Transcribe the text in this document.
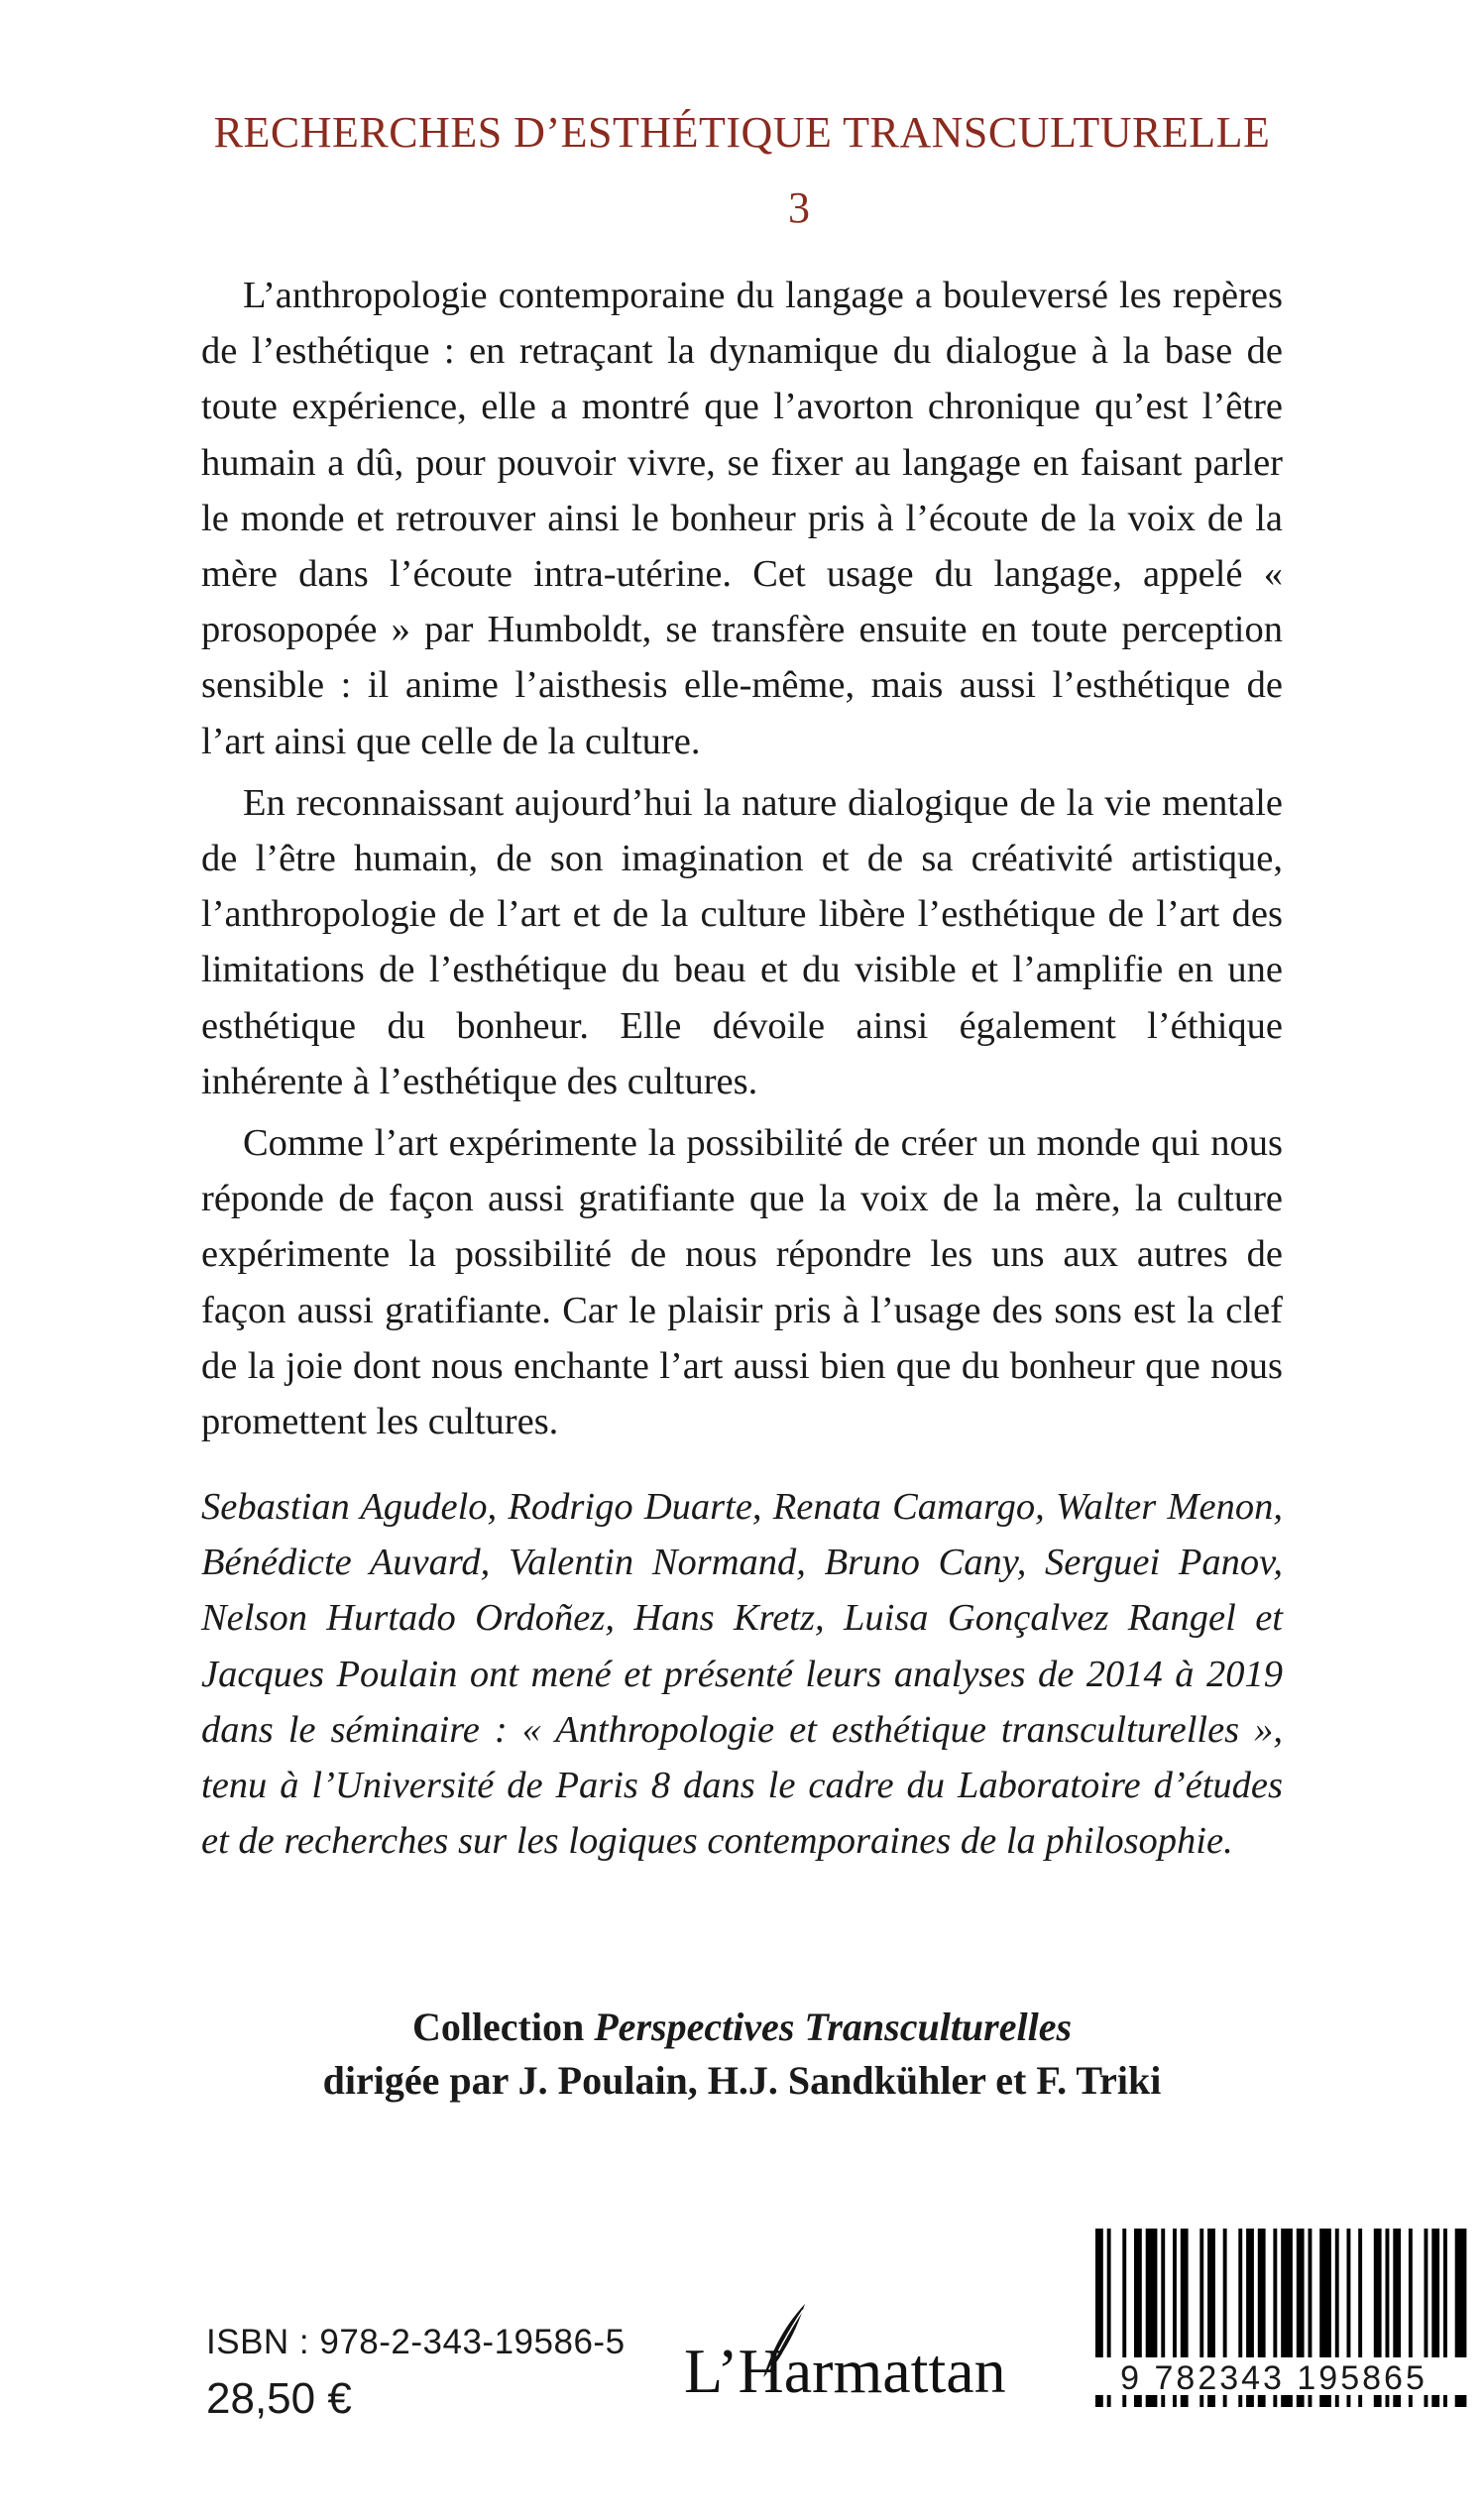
RECHERCHES D’ESTHÉTIQUE TRANSCULTURELLE
3

L’anthropologie contemporaine du langage a bouleversé les repères de l’esthétique : en retraçant la dynamique du dialogue à la base de toute expérience, elle a montré que l’avorton chronique qu’est l’être humain a dû, pour pouvoir vivre, se fixer au langage en faisant parler le monde et retrouver ainsi le bonheur pris à l’écoute de la voix de la mère dans l’écoute intra-utérine. Cet usage du langage, appelé « prosopopée » par Humboldt, se transfère ensuite en toute perception sensible : il anime l’aisthesis elle-même, mais aussi l’esthétique de l’art ainsi que celle de la culture.

En reconnaissant aujourd’hui la nature dialogique de la vie mentale de l’être humain, de son imagination et de sa créativité artistique, l’anthropologie de l’art et de la culture libère l’esthétique de l’art des limitations de l’esthétique du beau et du visible et l’amplifie en une esthétique du bonheur. Elle dévoile ainsi également l’éthique inhérente à l’esthétique des cultures.

Comme l’art expérimente la possibilité de créer un monde qui nous réponde de façon aussi gratifiante que la voix de la mère, la culture expérimente la possibilité de nous répondre les uns aux autres de façon aussi gratifiante. Car le plaisir pris à l’usage des sons est la clef de la joie dont nous enchante l’art aussi bien que du bonheur que nous promettent les cultures.

Sebastian Agudelo, Rodrigo Duarte, Renata Camargo, Walter Menon, Bénédicte Auvard, Valentin Normand, Bruno Cany, Serguei Panov, Nelson Hurtado Ordoñez, Hans Kretz, Luisa Gonçalvez Rangel et Jacques Poulain ont mené et présenté leurs analyses de 2014 à 2019 dans le séminaire : « Anthropologie et esthétique transculturelles », tenu à l’Université de Paris 8 dans le cadre du Laboratoire d’études et de recherches sur les logiques contemporaines de la philosophie.

Collection Perspectives Transculturelles
dirigée par J. Poulain, H.J. Sandkühler et F. Triki
ISBN : 978-2-343-19586-5
28,50 €	L’Harmattan	9 782343 195865
